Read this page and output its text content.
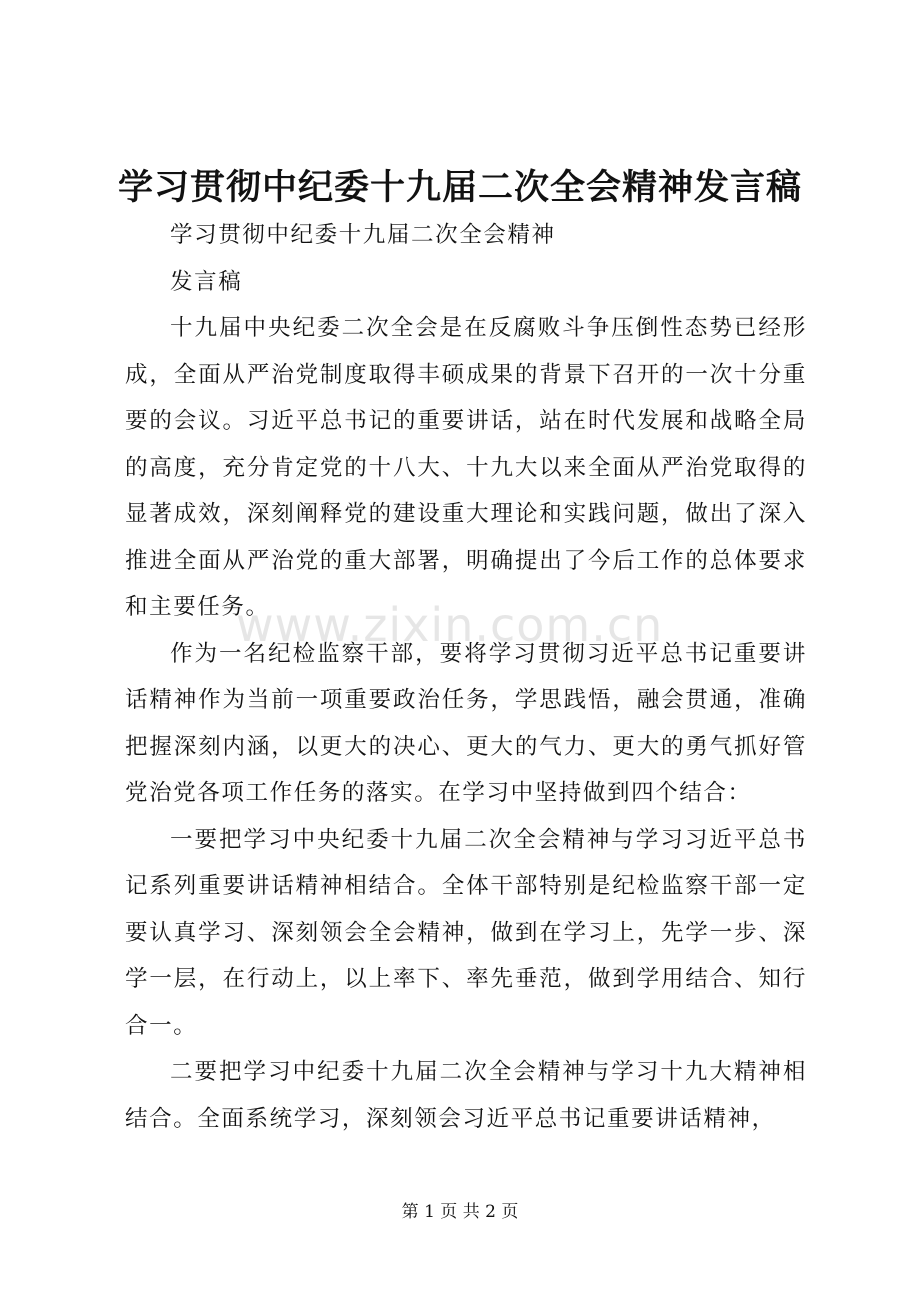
学习贯彻中纪委十九届二次全会精神发言稿

学习贯彻中纪委十九届二次全会精神

发言稿

十九届中央纪委二次全会是在反腐败斗争压倒性态势已经形成，全面从严治党制度取得丰硕成果的背景下召开的一次十分重要的会议。习近平总书记的重要讲话，站在时代发展和战略全局的高度，充分肯定党的十八大、十九大以来全面从严治党取得的显著成效，深刻阐释党的建设重大理论和实践问题，做出了深入推进全面从严治党的重大部署，明确提出了今后工作的总体要求和主要任务。

作为一名纪检监察干部，要将学习贯彻习近平总书记重要讲话精神作为当前一项重要政治任务，学思践悟，融会贯通，准确把握深刻内涵，以更大的决心、更大的气力、更大的勇气抓好管党治党各项工作任务的落实。在学习中坚持做到四个结合：

一要把学习中央纪委十九届二次全会精神与学习习近平总书记系列重要讲话精神相结合。全体干部特别是纪检监察干部一定要认真学习、深刻领会全会精神，做到在学习上，先学一步、深学一层，在行动上，以上率下、率先垂范，做到学用结合、知行合一。

二要把学习中纪委十九届二次全会精神与学习十九大精神相结合。全面系统学习，深刻领会习近平总书记重要讲话精神，

www.zixin.com.cn
第 1 页 共 2 页
